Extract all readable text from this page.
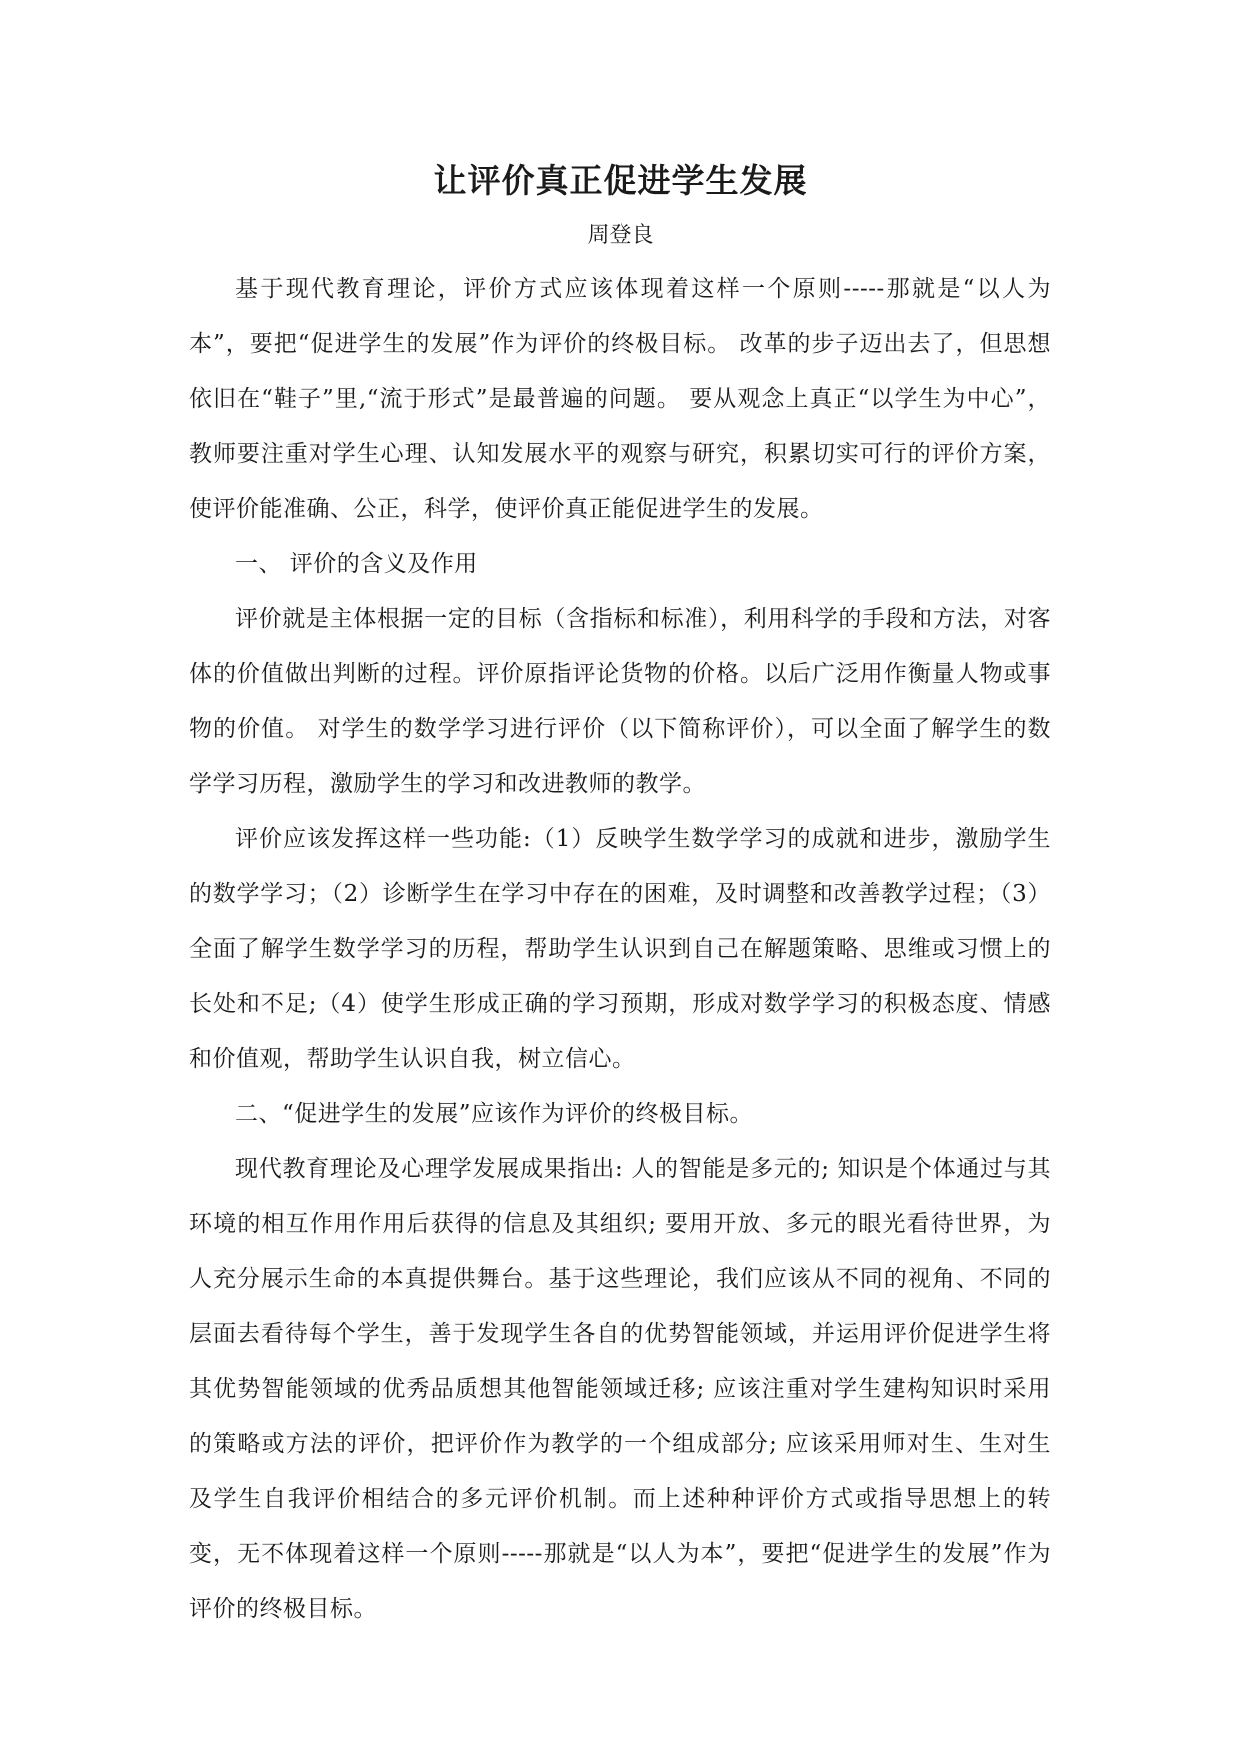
让评价真正促进学生发展
周登良

基于现代教育理论，评价方式应该体现着这样一个原则-----那就是“以人为本”，要把“促进学生的发展”作为评价的终极目标。 改革的步子迈出去了，但思想依旧在“鞋子”里,“流于形式”是最普遍的问题。 要从观念上真正“以学生为中心”，教师要注重对学生心理、认知发展水平的观察与研究，积累切实可行的评价方案，使评价能准确、公正，科学，使评价真正能促进学生的发展。

一、 评价的含义及作用

评价就是主体根据一定的目标（含指标和标准），利用科学的手段和方法，对客体的价值做出判断的过程。评价原指评论货物的价格。以后广泛用作衡量人物或事物的价值。 对学生的数学学习进行评价（以下简称评价），可以全面了解学生的数学学习历程，激励学生的学习和改进教师的教学。

评价应该发挥这样一些功能:（1）反映学生数学学习的成就和进步，激励学生的数学学习；（2）诊断学生在学习中存在的困难，及时调整和改善教学过程；（3）全面了解学生数学学习的历程，帮助学生认识到自己在解题策略、思维或习惯上的长处和不足;（4）使学生形成正确的学习预期，形成对数学学习的积极态度、情感和价值观，帮助学生认识自我，树立信心。

二、“促进学生的发展”应该作为评价的终极目标。

现代教育理论及心理学发展成果指出: 人的智能是多元的; 知识是个体通过与其环境的相互作用作用后获得的信息及其组织; 要用开放、多元的眼光看待世界，为人充分展示生命的本真提供舞台。基于这些理论，我们应该从不同的视角、不同的层面去看待每个学生，善于发现学生各自的优势智能领域，并运用评价促进学生将其优势智能领域的优秀品质想其他智能领域迁移; 应该注重对学生建构知识时采用的策略或方法的评价，把评价作为教学的一个组成部分; 应该采用师对生、生对生及学生自我评价相结合的多元评价机制。而上述种种评价方式或指导思想上的转变，无不体现着这样一个原则-----那就是“以人为本”，要把“促进学生的发展”作为评价的终极目标。
